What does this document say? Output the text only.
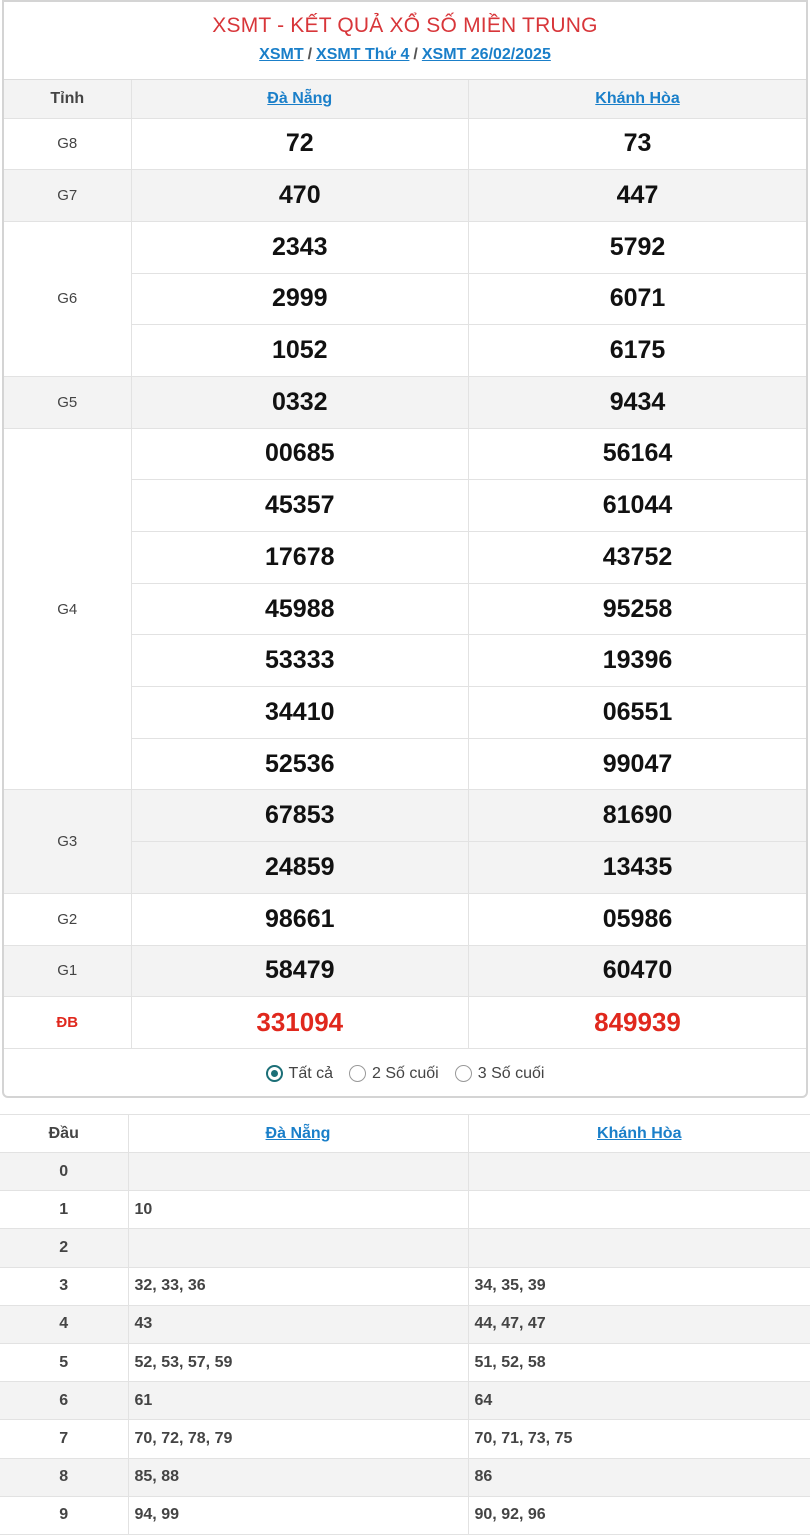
XSMT - KẾT QUẢ XỔ SỐ MIỀN TRUNG
XSMT / XSMT Thứ 4 / XSMT 26/02/2025
Tỉnh	Đà Nẵng	Khánh Hòa
G8	72	73
G7	470	447
G6	2343	5792
	2999	6071
	1052	6175
G5	0332	9434
G4	00685	56164
	45357	61044
	17678	43752
	45988	95258
	53333	19396
	34410	06551
	52536	99047
G3	67853	81690
	24859	13435
G2	98661	05986
G1	58479	60470
ĐB	331094	849939
Tất cả 2 Số cuối 3 Số cuối
Đầu	Đà Nẵng	Khánh Hòa
0		
1	10	
2		
3	32, 33, 36	34, 35, 39
4	43	44, 47, 47
5	52, 53, 57, 59	51, 52, 58
6	61	64
7	70, 72, 78, 79	70, 71, 73, 75
8	85, 88	86
9	94, 99	90, 92, 96
